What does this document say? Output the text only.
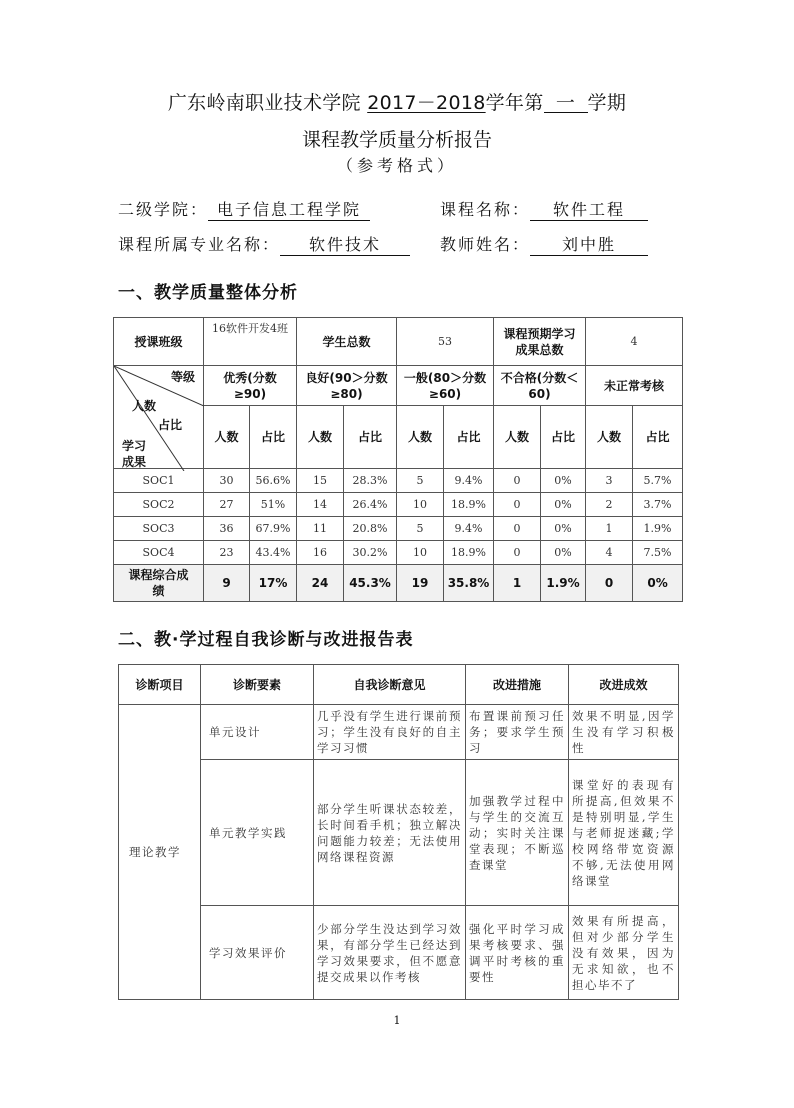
广东岭南职业技术学院 2017－2018学年第 一 学期
课程教学质量分析报告
（参考格式）
二级学院： 电子信息工程学院	课程名称： 软件工程
课程所属专业名称： 软件技术	教师姓名： 刘中胜
一、教学质量整体分析
授课班级	16软件开发4班		学生总数		53		课程预期学习成果总数		4	

等级
人数
占比
学习成果	优秀(分数≥90)		良好(90＞分数≥80)		一般(80＞分数≥60)		不合格(分数＜60)		未正常考核	
	人数	占比	人数	占比	人数	占比	人数	占比	人数	占比
SOC1	30	56.6%	15	28.3%	5	9.4%	0	0%	3	5.7%
SOC2	27	51%	14	26.4%	10	18.9%	0	0%	2	3.7%
SOC3	36	67.9%	11	20.8%	5	9.4%	0	0%	1	1.9%
SOC4	23	43.4%	16	30.2%	10	18.9%	0	0%	4	7.5%
课程综合成绩	9	17%	24	45.3%	19	35.8%	1	1.9%	0	0%
二、教·学过程自我诊断与改进报告表
诊断项目	诊断要素	自我诊断意见	改进措施	改进成效
理论教学	单元设计	几乎没有学生进行课前预习；学生没有良好的自主学习习惯	布置课前预习任务；要求学生预习	效果不明显,因学生没有学习积极性
	单元教学实践	部分学生听课状态较差，长时间看手机；独立解决问题能力较差；无法使用网络课程资源	加强教学过程中与学生的交流互动；实时关注课堂表现；不断巡查课堂	课堂好的表现有所提高,但效果不是特别明显,学生与老师捉迷藏;学校网络带宽资源不够,无法使用网络课堂
	学习效果评价	少部分学生没达到学习效果，有部分学生已经达到学习效果要求，但不愿意提交成果以作考核	强化平时学习成果考核要求、强调平时考核的重要性	效果有所提高，但对少部分学生没有效果，因为无求知欲，也不担心毕不了
1
